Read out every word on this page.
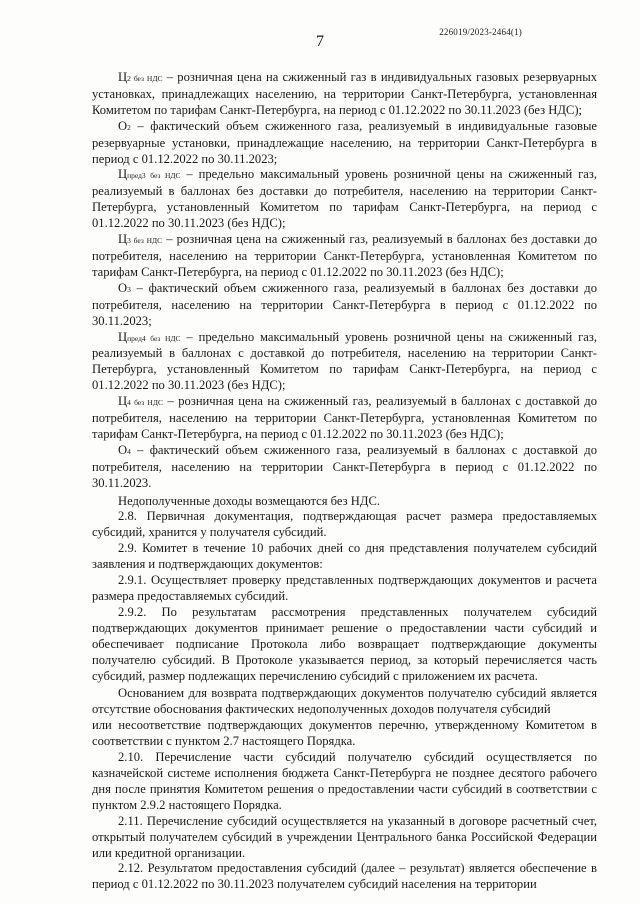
226019/2023-2464(1)
7

Ц2 без НДС – розничная цена на сжиженный газ в индивидуальных газовых резервуарных установках, принадлежащих населению, на территории Санкт-Петербурга, установленная Комитетом по тарифам Санкт-Петербурга, на период с 01.12.2022 по 30.11.2023 (без НДС);

О2 – фактический объем сжиженного газа, реализуемый в индивидуальные газовые резервуарные установки, принадлежащие населению, на территории Санкт-Петербурга в период с 01.12.2022 по 30.11.2023;

Цпред3 без НДС – предельно максимальный уровень розничной цены на сжиженный газ, реализуемый в баллонах без доставки до потребителя, населению на территории Санкт-Петербурга, установленный Комитетом по тарифам Санкт-Петербурга, на период с 01.12.2022 по 30.11.2023 (без НДС);

Ц3 без НДС – розничная цена на сжиженный газ, реализуемый в баллонах без доставки до потребителя, населению на территории Санкт-Петербурга, установленная Комитетом по тарифам Санкт-Петербурга, на период с 01.12.2022 по 30.11.2023 (без НДС);

О3 – фактический объем сжиженного газа, реализуемый в баллонах без доставки до потребителя, населению на территории Санкт-Петербурга в период с 01.12.2022 по 30.11.2023;

Цпред4 без НДС – предельно максимальный уровень розничной цены на сжиженный газ, реализуемый в баллонах с доставкой до потребителя, населению на территории Санкт-Петербурга, установленный Комитетом по тарифам Санкт-Петербурга, на период с 01.12.2022 по 30.11.2023 (без НДС);

Ц4 без НДС – розничная цена на сжиженный газ, реализуемый в баллонах с доставкой до потребителя, населению на территории Санкт-Петербурга, установленная Комитетом по тарифам Санкт-Петербурга, на период с 01.12.2022 по 30.11.2023 (без НДС);

О4 – фактический объем сжиженного газа, реализуемый в баллонах с доставкой до потребителя, населению на территории Санкт-Петербурга в период с 01.12.2022 по 30.11.2023.

Недополученные доходы возмещаются без НДС.

2.8. Первичная документация, подтверждающая расчет размера предоставляемых субсидий, хранится у получателя субсидий.

2.9. Комитет в течение 10 рабочих дней со дня представления получателем субсидий заявления и подтверждающих документов:

2.9.1. Осуществляет проверку представленных подтверждающих документов и расчета размера предоставляемых субсидий.

2.9.2. По результатам рассмотрения представленных получателем субсидий подтверждающих документов принимает решение о предоставлении части субсидий и обеспечивает подписание Протокола либо возвращает подтверждающие документы получателю субсидий. В Протоколе указывается период, за который перечисляется часть субсидий, размер подлежащих перечислению субсидий с приложением их расчета.

Основанием для возврата подтверждающих документов получателю субсидий является отсутствие обоснования фактических недополученных доходов получателя субсидий

или несоответствие подтверждающих документов перечню, утвержденному Комитетом в соответствии с пунктом 2.7 настоящего Порядка.

2.10. Перечисление части субсидий получателю субсидий осуществляется по казначейской системе исполнения бюджета Санкт-Петербурга не позднее десятого рабочего дня после принятия Комитетом решения о предоставлении части субсидий в соответствии с пунктом 2.9.2 настоящего Порядка.

2.11. Перечисление субсидий осуществляется на указанный в договоре расчетный счет, открытый получателем субсидий в учреждении Центрального банка Российской Федерации или кредитной организации.

2.12. Результатом предоставления субсидий (далее – результат) является обеспечение в период с 01.12.2022 по 30.11.2023 получателем субсидий населения на территории
